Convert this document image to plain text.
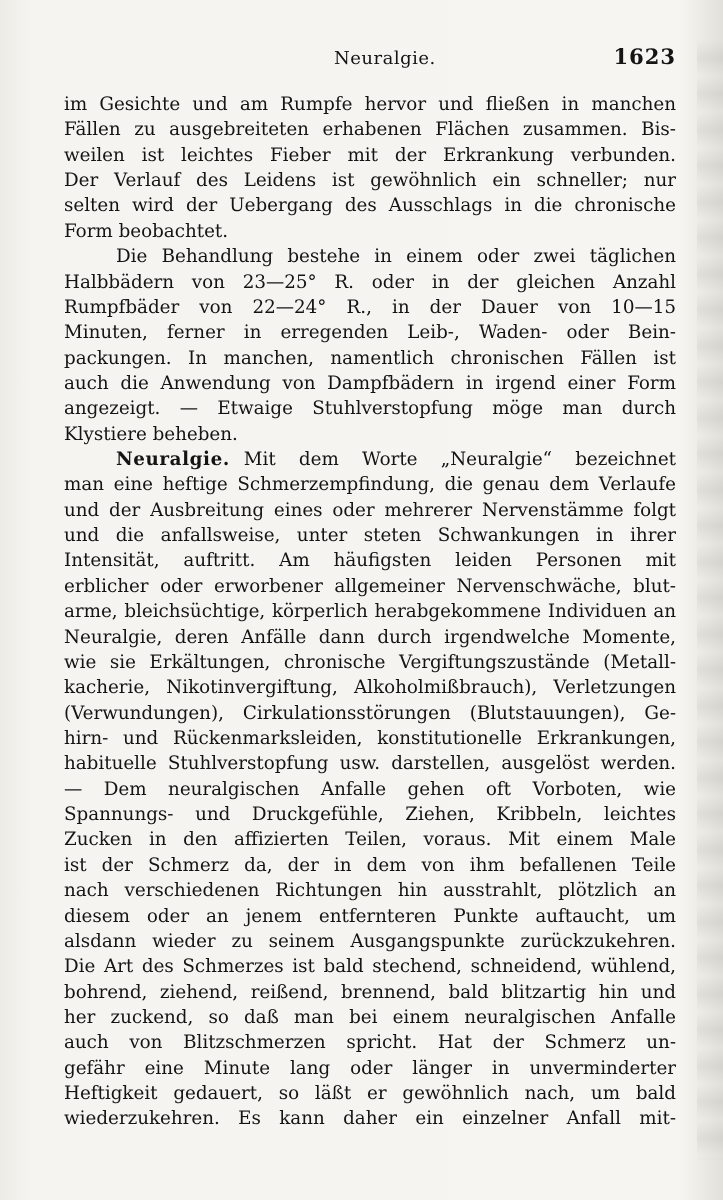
Neuralgie.	1623
im Gesichte und am Rumpfe hervor und fließen in manchen
Fällen zu ausgebreiteten erhabenen Flächen zusammen. Bis-
weilen ist leichtes Fieber mit der Erkrankung verbunden.
Der Verlauf des Leidens ist gewöhnlich ein schneller; nur
selten wird der Uebergang des Ausschlags in die chronische
Form beobachtet.
Die Behandlung bestehe in einem oder zwei täglichen
Halbbädern von 23—25° R. oder in der gleichen Anzahl
Rumpfbäder von 22—24° R., in der Dauer von 10—15
Minuten, ferner in erregenden Leib-, Waden- oder Bein-
packungen. In manchen, namentlich chronischen Fällen ist
auch die Anwendung von Dampfbädern in irgend einer Form
angezeigt. — Etwaige Stuhlverstopfung möge man durch
Klystiere beheben.
Neuralgie. Mit dem Worte „Neuralgie“ bezeichnet
man eine heftige Schmerzempfindung, die genau dem Verlaufe
und der Ausbreitung eines oder mehrerer Nervenstämme folgt
und die anfallsweise, unter steten Schwankungen in ihrer
Intensität, auftritt. Am häufigsten leiden Personen mit
erblicher oder erworbener allgemeiner Nervenschwäche, blut-
arme, bleichsüchtige, körperlich herabgekommene Individuen an
Neuralgie, deren Anfälle dann durch irgendwelche Momente,
wie sie Erkältungen, chronische Vergiftungszustände (Metall-
kacherie, Nikotinvergiftung, Alkoholmißbrauch), Verletzungen
(Verwundungen), Cirkulationsstörungen (Blutstauungen), Ge-
hirn- und Rückenmarksleiden, konstitutionelle Erkrankungen,
habituelle Stuhlverstopfung usw. darstellen, ausgelöst werden.
— Dem neuralgischen Anfalle gehen oft Vorboten, wie
Spannungs- und Druckgefühle, Ziehen, Kribbeln, leichtes
Zucken in den affizierten Teilen, voraus. Mit einem Male
ist der Schmerz da, der in dem von ihm befallenen Teile
nach verschiedenen Richtungen hin ausstrahlt, plötzlich an
diesem oder an jenem entfernteren Punkte auftaucht, um
alsdann wieder zu seinem Ausgangspunkte zurückzukehren.
Die Art des Schmerzes ist bald stechend, schneidend, wühlend,
bohrend, ziehend, reißend, brennend, bald blitzartig hin und
her zuckend, so daß man bei einem neuralgischen Anfalle
auch von Blitzschmerzen spricht. Hat der Schmerz un-
gefähr eine Minute lang oder länger in unverminderter
Heftigkeit gedauert, so läßt er gewöhnlich nach, um bald
wiederzukehren. Es kann daher ein einzelner Anfall mit-
